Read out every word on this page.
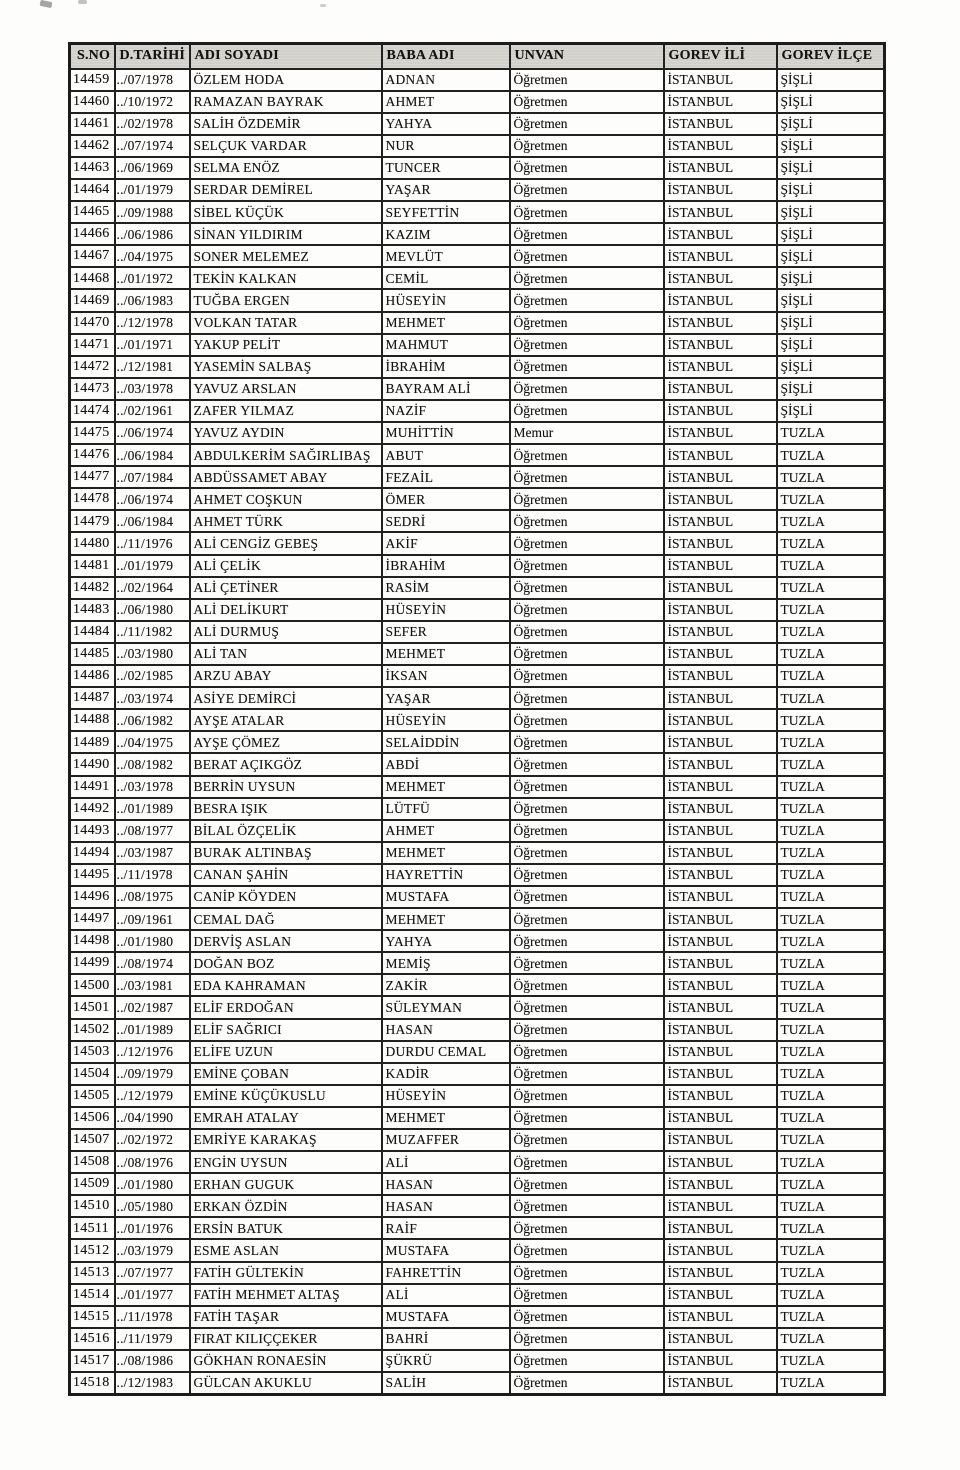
S.NO	D.TARİHİ	ADI SOYADI	BABA ADI	UNVAN	GOREV İLİ	GOREV İLÇE
14459	../07/1978	ÖZLEM HODA	ADNAN	Öğretmen	İSTANBUL	ŞİŞLİ
14460	../10/1972	RAMAZAN BAYRAK	AHMET	Öğretmen	İSTANBUL	ŞİŞLİ
14461	../02/1978	SALİH ÖZDEMİR	YAHYA	Öğretmen	İSTANBUL	ŞİŞLİ
14462	../07/1974	SELÇUK VARDAR	NUR	Öğretmen	İSTANBUL	ŞİŞLİ
14463	../06/1969	SELMA ENÖZ	TUNCER	Öğretmen	İSTANBUL	ŞİŞLİ
14464	../01/1979	SERDAR DEMİREL	YAŞAR	Öğretmen	İSTANBUL	ŞİŞLİ
14465	../09/1988	SİBEL KÜÇÜK	SEYFETTİN	Öğretmen	İSTANBUL	ŞİŞLİ
14466	../06/1986	SİNAN YILDIRIM	KAZIM	Öğretmen	İSTANBUL	ŞİŞLİ
14467	../04/1975	SONER MELEMEZ	MEVLÜT	Öğretmen	İSTANBUL	ŞİŞLİ
14468	../01/1972	TEKİN KALKAN	CEMİL	Öğretmen	İSTANBUL	ŞİŞLİ
14469	../06/1983	TUĞBA ERGEN	HÜSEYİN	Öğretmen	İSTANBUL	ŞİŞLİ
14470	../12/1978	VOLKAN TATAR	MEHMET	Öğretmen	İSTANBUL	ŞİŞLİ
14471	../01/1971	YAKUP PELİT	MAHMUT	Öğretmen	İSTANBUL	ŞİŞLİ
14472	../12/1981	YASEMİN SALBAŞ	İBRAHİM	Öğretmen	İSTANBUL	ŞİŞLİ
14473	../03/1978	YAVUZ ARSLAN	BAYRAM ALİ	Öğretmen	İSTANBUL	ŞİŞLİ
14474	../02/1961	ZAFER YILMAZ	NAZİF	Öğretmen	İSTANBUL	ŞİŞLİ
14475	../06/1974	YAVUZ AYDIN	MUHİTTİN	Memur	İSTANBUL	TUZLA
14476	../06/1984	ABDULKERİM SAĞIRLIBAŞ	ABUT	Öğretmen	İSTANBUL	TUZLA
14477	../07/1984	ABDÜSSAMET ABAY	FEZAİL	Öğretmen	İSTANBUL	TUZLA
14478	../06/1974	AHMET COŞKUN	ÖMER	Öğretmen	İSTANBUL	TUZLA
14479	../06/1984	AHMET TÜRK	SEDRİ	Öğretmen	İSTANBUL	TUZLA
14480	../11/1976	ALİ CENGİZ GEBEŞ	AKİF	Öğretmen	İSTANBUL	TUZLA
14481	../01/1979	ALİ ÇELİK	İBRAHİM	Öğretmen	İSTANBUL	TUZLA
14482	../02/1964	ALİ ÇETİNER	RASİM	Öğretmen	İSTANBUL	TUZLA
14483	../06/1980	ALİ DELİKURT	HÜSEYİN	Öğretmen	İSTANBUL	TUZLA
14484	../11/1982	ALİ DURMUŞ	SEFER	Öğretmen	İSTANBUL	TUZLA
14485	../03/1980	ALİ TAN	MEHMET	Öğretmen	İSTANBUL	TUZLA
14486	../02/1985	ARZU ABAY	İKSAN	Öğretmen	İSTANBUL	TUZLA
14487	../03/1974	ASİYE DEMİRCİ	YAŞAR	Öğretmen	İSTANBUL	TUZLA
14488	../06/1982	AYŞE ATALAR	HÜSEYİN	Öğretmen	İSTANBUL	TUZLA
14489	../04/1975	AYŞE ÇÖMEZ	SELAİDDİN	Öğretmen	İSTANBUL	TUZLA
14490	../08/1982	BERAT AÇIKGÖZ	ABDİ	Öğretmen	İSTANBUL	TUZLA
14491	../03/1978	BERRİN UYSUN	MEHMET	Öğretmen	İSTANBUL	TUZLA
14492	../01/1989	BESRA IŞIK	LÜTFÜ	Öğretmen	İSTANBUL	TUZLA
14493	../08/1977	BİLAL ÖZÇELİK	AHMET	Öğretmen	İSTANBUL	TUZLA
14494	../03/1987	BURAK ALTINBAŞ	MEHMET	Öğretmen	İSTANBUL	TUZLA
14495	../11/1978	CANAN ŞAHİN	HAYRETTİN	Öğretmen	İSTANBUL	TUZLA
14496	../08/1975	CANİP KÖYDEN	MUSTAFA	Öğretmen	İSTANBUL	TUZLA
14497	../09/1961	CEMAL DAĞ	MEHMET	Öğretmen	İSTANBUL	TUZLA
14498	../01/1980	DERVİŞ ASLAN	YAHYA	Öğretmen	İSTANBUL	TUZLA
14499	../08/1974	DOĞAN BOZ	MEMİŞ	Öğretmen	İSTANBUL	TUZLA
14500	../03/1981	EDA KAHRAMAN	ZAKİR	Öğretmen	İSTANBUL	TUZLA
14501	../02/1987	ELİF ERDOĞAN	SÜLEYMAN	Öğretmen	İSTANBUL	TUZLA
14502	../01/1989	ELİF SAĞRICI	HASAN	Öğretmen	İSTANBUL	TUZLA
14503	../12/1976	ELİFE UZUN	DURDU CEMAL	Öğretmen	İSTANBUL	TUZLA
14504	../09/1979	EMİNE ÇOBAN	KADİR	Öğretmen	İSTANBUL	TUZLA
14505	../12/1979	EMİNE KÜÇÜKUSLU	HÜSEYİN	Öğretmen	İSTANBUL	TUZLA
14506	../04/1990	EMRAH ATALAY	MEHMET	Öğretmen	İSTANBUL	TUZLA
14507	../02/1972	EMRİYE KARAKAŞ	MUZAFFER	Öğretmen	İSTANBUL	TUZLA
14508	../08/1976	ENGİN UYSUN	ALİ	Öğretmen	İSTANBUL	TUZLA
14509	../01/1980	ERHAN GUGUK	HASAN	Öğretmen	İSTANBUL	TUZLA
14510	../05/1980	ERKAN ÖZDİN	HASAN	Öğretmen	İSTANBUL	TUZLA
14511	../01/1976	ERSİN BATUK	RAİF	Öğretmen	İSTANBUL	TUZLA
14512	../03/1979	ESME ASLAN	MUSTAFA	Öğretmen	İSTANBUL	TUZLA
14513	../07/1977	FATİH GÜLTEKİN	FAHRETTİN	Öğretmen	İSTANBUL	TUZLA
14514	../01/1977	FATİH MEHMET ALTAŞ	ALİ	Öğretmen	İSTANBUL	TUZLA
14515	../11/1978	FATİH TAŞAR	MUSTAFA	Öğretmen	İSTANBUL	TUZLA
14516	../11/1979	FIRAT KILIÇÇEKER	BAHRİ	Öğretmen	İSTANBUL	TUZLA
14517	../08/1986	GÖKHAN RONAESİN	ŞÜKRÜ	Öğretmen	İSTANBUL	TUZLA
14518	../12/1983	GÜLCAN AKUKLU	SALİH	Öğretmen	İSTANBUL	TUZLA
